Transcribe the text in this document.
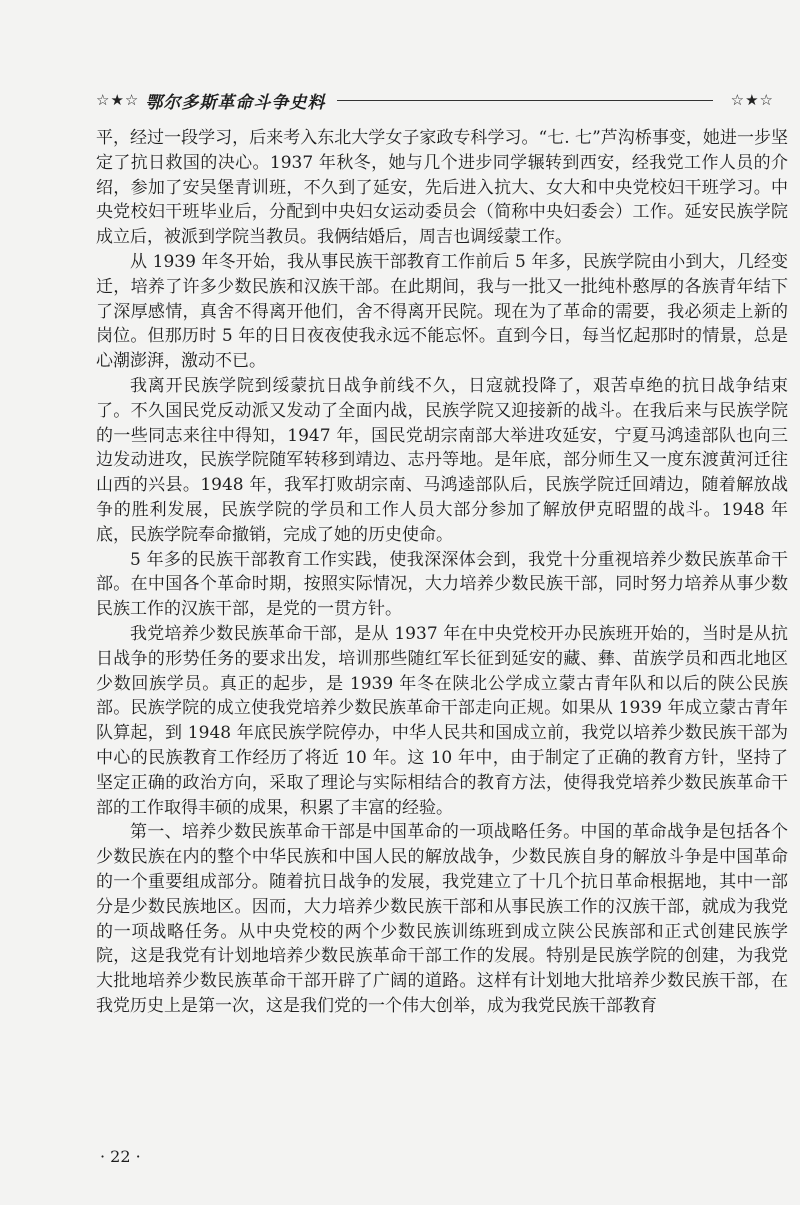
☆★☆ 鄂尔多斯革命斗争史料	☆★☆

平，经过一段学习，后来考入东北大学女子家政专科学习。“七. 七”芦沟桥事变，她进一步坚定了抗日救国的决心。1937 年秋冬，她与几个进步同学辗转到西安，经我党工作人员的介绍，参加了安吴堡青训班，不久到了延安，先后进入抗大、女大和中央党校妇干班学习。中央党校妇干班毕业后，分配到中央妇女运动委员会（简称中央妇委会）工作。延安民族学院成立后，被派到学院当教员。我俩结婚后，周吉也调绥蒙工作。

从 1939 年冬开始，我从事民族干部教育工作前后 5 年多，民族学院由小到大，几经变迁，培养了许多少数民族和汉族干部。在此期间，我与一批又一批纯朴憨厚的各族青年结下了深厚感情，真舍不得离开他们，舍不得离开民院。现在为了革命的需要，我必须走上新的岗位。但那历时 5 年的日日夜夜使我永远不能忘怀。直到今日，每当忆起那时的情景，总是心潮澎湃，激动不已。

我离开民族学院到绥蒙抗日战争前线不久，日寇就投降了，艰苦卓绝的抗日战争结束了。不久国民党反动派又发动了全面内战，民族学院又迎接新的战斗。在我后来与民族学院的一些同志来往中得知，1947 年，国民党胡宗南部大举进攻延安，宁夏马鸿逵部队也向三边发动进攻，民族学院随军转移到靖边、志丹等地。是年底，部分师生又一度东渡黄河迁往山西的兴县。1948 年，我军打败胡宗南、马鸿逵部队后，民族学院迁回靖边，随着解放战争的胜利发展，民族学院的学员和工作人员大部分参加了解放伊克昭盟的战斗。1948 年底，民族学院奉命撤销，完成了她的历史使命。

5 年多的民族干部教育工作实践，使我深深体会到，我党十分重视培养少数民族革命干部。在中国各个革命时期，按照实际情况，大力培养少数民族干部，同时努力培养从事少数民族工作的汉族干部，是党的一贯方针。

我党培养少数民族革命干部，是从 1937 年在中央党校开办民族班开始的，当时是从抗日战争的形势任务的要求出发，培训那些随红军长征到延安的藏、彝、苗族学员和西北地区少数回族学员。真正的起步，是 1939 年冬在陕北公学成立蒙古青年队和以后的陕公民族部。民族学院的成立使我党培养少数民族革命干部走向正规。如果从 1939 年成立蒙古青年队算起，到 1948 年底民族学院停办，中华人民共和国成立前，我党以培养少数民族干部为中心的民族教育工作经历了将近 10 年。这 10 年中，由于制定了正确的教育方针，坚持了坚定正确的政治方向，采取了理论与实际相结合的教育方法，使得我党培养少数民族革命干部的工作取得丰硕的成果，积累了丰富的经验。

第一、培养少数民族革命干部是中国革命的一项战略任务。中国的革命战争是包括各个少数民族在内的整个中华民族和中国人民的解放战争，少数民族自身的解放斗争是中国革命的一个重要组成部分。随着抗日战争的发展，我党建立了十几个抗日革命根据地，其中一部分是少数民族地区。因而，大力培养少数民族干部和从事民族工作的汉族干部，就成为我党的一项战略任务。从中央党校的两个少数民族训练班到成立陕公民族部和正式创建民族学院，这是我党有计划地培养少数民族革命干部工作的发展。特别是民族学院的创建，为我党大批地培养少数民族革命干部开辟了广阔的道路。这样有计划地大批培养少数民族干部，在我党历史上是第一次，这是我们党的一个伟大创举，成为我党民族干部教育

· 22 ·
